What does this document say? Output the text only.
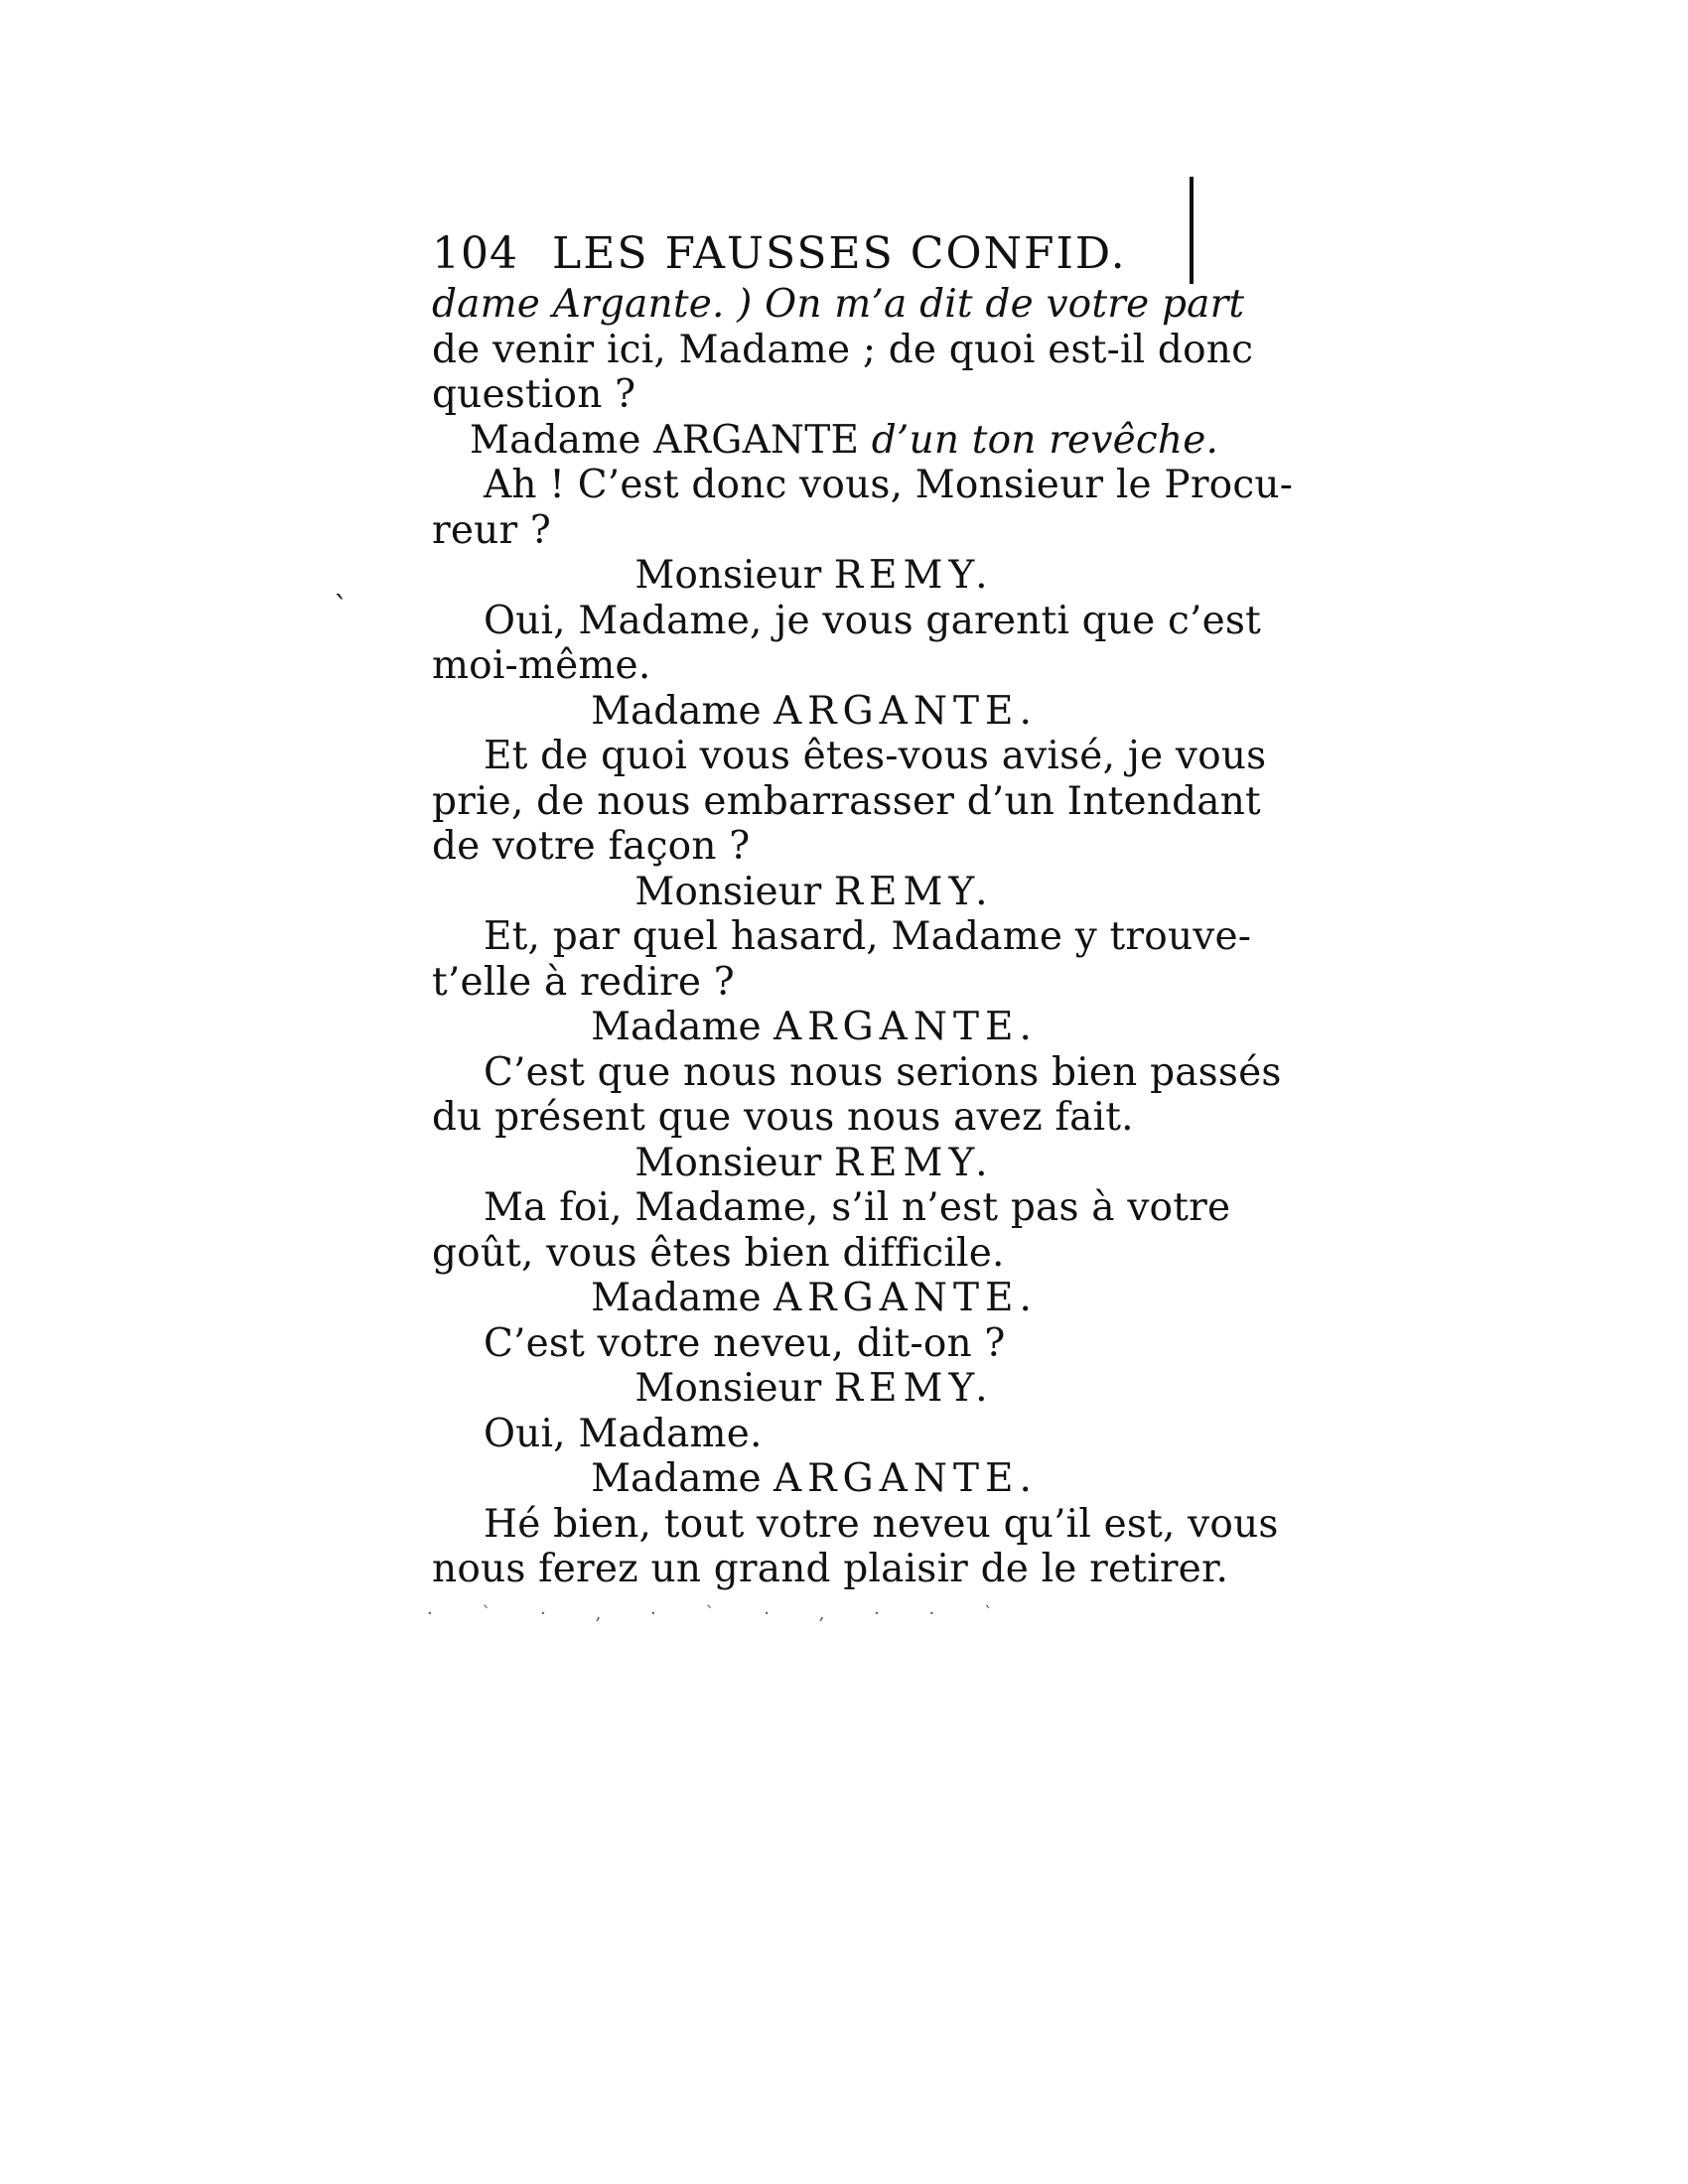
ˋ
104 LES FAUSSES CONFID.
dame Argante. ) On m’a dit de votre part
de venir ici, Madame ; de quoi est-il donc
question ?
Madame ARGANTE d’un ton revêche.
Ah ! C’est donc vous, Monsieur le Procu-
reur ?
Monsieur REMY.
Oui, Madame, je vous garenti que c’est
moi-même.
Madame ARGANTE.
Et de quoi vous êtes-vous avisé, je vous
prie, de nous embarrasser d’un Intendant
de votre façon ?
Monsieur REMY.
Et, par quel hasard, Madame y trouve-
t’elle à redire ?
Madame ARGANTE.
C’est que nous nous serions bien passés
du présent que vous nous avez fait.
Monsieur REMY.
Ma foi, Madame, s’il n’est pas à votre
goût, vous êtes bien difficile.
Madame ARGANTE.
C’est votre neveu, dit-on ?
Monsieur REMY.
Oui, Madame.
Madame ARGANTE.
Hé bien, tout votre neveu qu’il est, vous
nous ferez un grand plaisir de le retirer.
· ˋ · , · ˋ · , · · ˋ
